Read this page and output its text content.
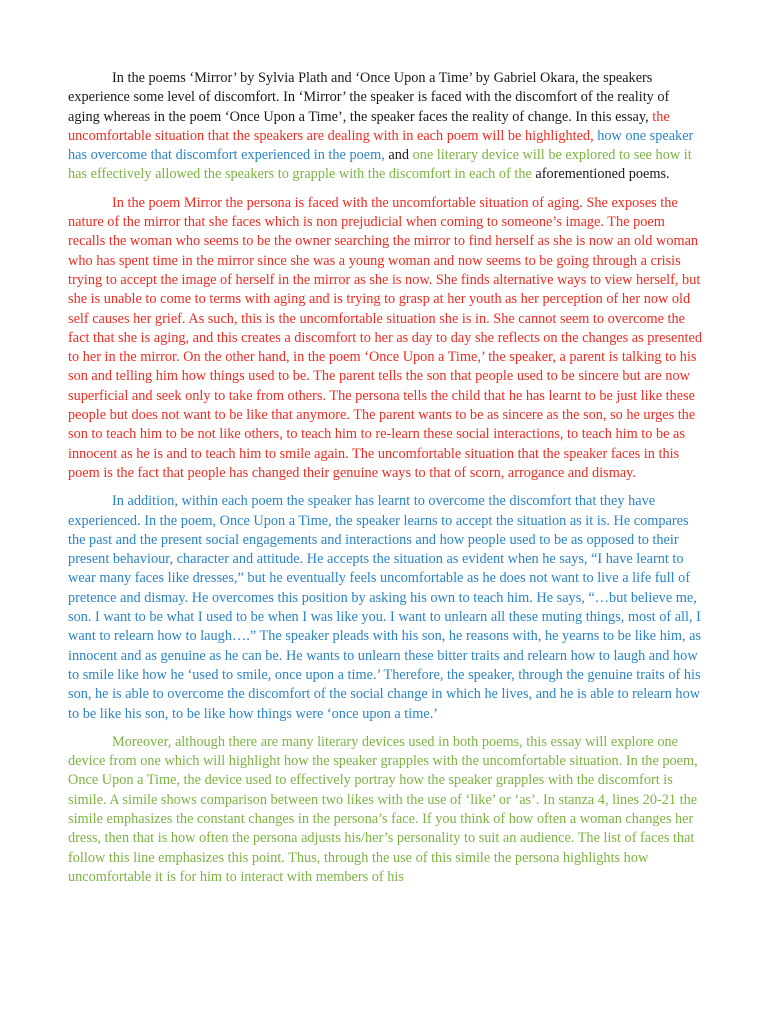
In the poems ‘Mirror’ by Sylvia Plath and ‘Once Upon a Time’ by Gabriel Okara, the speakers experience some level of discomfort. In ‘Mirror’ the speaker is faced with the discomfort of the reality of aging whereas in the poem ‘Once Upon a Time’, the speaker faces the reality of change. In this essay, the uncomfortable situation that the speakers are dealing with in each poem will be highlighted, how one speaker has overcome that discomfort experienced in the poem, and one literary device will be explored to see how it has effectively allowed the speakers to grapple with the discomfort in each of the aforementioned poems.

In the poem Mirror the persona is faced with the uncomfortable situation of aging. She exposes the nature of the mirror that she faces which is non prejudicial when coming to someone’s image. The poem recalls the woman who seems to be the owner searching the mirror to find herself as she is now an old woman who has spent time in the mirror since she was a young woman and now seems to be going through a crisis trying to accept the image of herself in the mirror as she is now. She finds alternative ways to view herself, but she is unable to come to terms with aging and is trying to grasp at her youth as her perception of her now old self causes her grief. As such, this is the uncomfortable situation she is in. She cannot seem to overcome the fact that she is aging, and this creates a discomfort to her as day to day she reflects on the changes as presented to her in the mirror. On the other hand, in the poem ‘Once Upon a Time,’ the speaker, a parent is talking to his son and telling him how things used to be. The parent tells the son that people used to be sincere but are now superficial and seek only to take from others. The persona tells the child that he has learnt to be just like these people but does not want to be like that anymore. The parent wants to be as sincere as the son, so he urges the son to teach him to be not like others, to teach him to re-learn these social interactions, to teach him to be as innocent as he is and to teach him to smile again. The uncomfortable situation that the speaker faces in this poem is the fact that people has changed their genuine ways to that of scorn, arrogance and dismay.

In addition, within each poem the speaker has learnt to overcome the discomfort that they have experienced. In the poem, Once Upon a Time, the speaker learns to accept the situation as it is. He compares the past and the present social engagements and interactions and how people used to be as opposed to their present behaviour, character and attitude. He accepts the situation as evident when he says, “I have learnt to wear many faces like dresses,” but he eventually feels uncomfortable as he does not want to live a life full of pretence and dismay. He overcomes this position by asking his own to teach him. He says, “…but believe me, son. I want to be what I used to be when I was like you. I want to unlearn all these muting things, most of all, I want to relearn how to laugh….” The speaker pleads with his son, he reasons with, he yearns to be like him, as innocent and as genuine as he can be. He wants to unlearn these bitter traits and relearn how to laugh and how to smile like how he ‘used to smile, once upon a time.’ Therefore, the speaker, through the genuine traits of his son, he is able to overcome the discomfort of the social change in which he lives, and he is able to relearn how to be like his son, to be like how things were ‘once upon a time.’

Moreover, although there are many literary devices used in both poems, this essay will explore one device from one which will highlight how the speaker grapples with the uncomfortable situation. In the poem, Once Upon a Time, the device used to effectively portray how the speaker grapples with the discomfort is simile. A simile shows comparison between two likes with the use of ‘like’ or ‘as’. In stanza 4, lines 20-21 the simile emphasizes the constant changes in the persona’s face. If you think of how often a woman changes her dress, then that is how often the persona adjusts his/her’s personality to suit an audience. The list of faces that follow this line emphasizes this point. Thus, through the use of this simile the persona highlights how uncomfortable it is for him to interact with members of his
